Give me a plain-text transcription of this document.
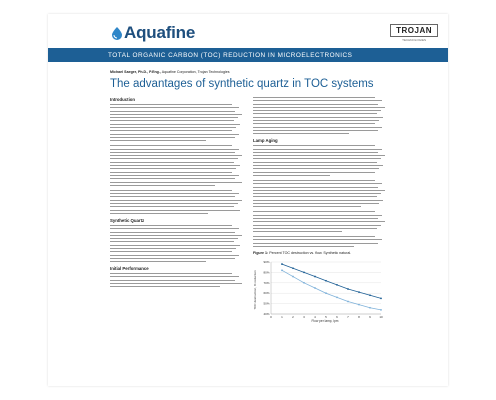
Aquafine	TROJAN
TECHNOLOGIES
TOTAL ORGANIC CARBON (TOC) REDUCTION IN MICROELECTRONICS
Michael Saeger, Ph.D., P.Eng., Aquafine Corporation, Trojan Technologies
The advantages of synthetic quartz in TOC systems
Introduction
Synthetic Quartz
Initial Performance
Lamp Aging
Figure 1: Percent TOC destruction vs. flow. Synthetic natural.
90%
80%
70%
60%
50%
40%
0	1	2	3	4	5	6	7	8	9	10
TOC destruction, % reduction
Flow per lamp, lpm
